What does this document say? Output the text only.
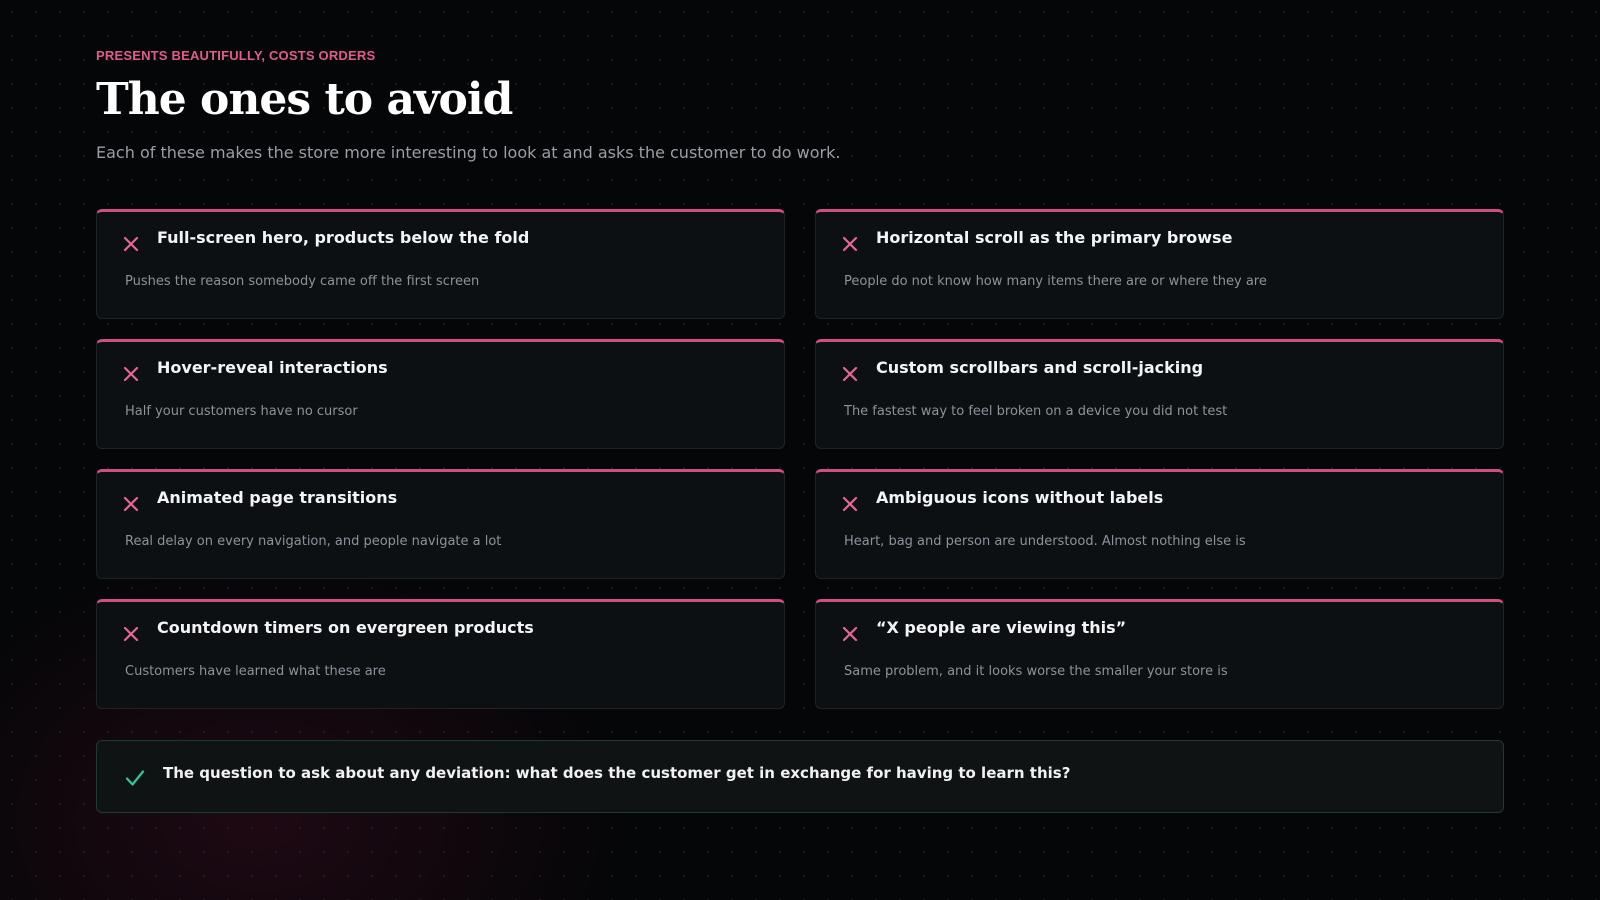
PRESENTS BEAUTIFULLY, COSTS ORDERS
The ones to avoid

Each of these makes the store more interesting to look at and asks the customer to do work.

Full-screen hero, products below the fold
Pushes the reason somebody came off the first screen
Horizontal scroll as the primary browse
People do not know how many items there are or where they are
Hover-reveal interactions
Half your customers have no cursor
Custom scrollbars and scroll-jacking
The fastest way to feel broken on a device you did not test
Animated page transitions
Real delay on every navigation, and people navigate a lot
Ambiguous icons without labels
Heart, bag and person are understood. Almost nothing else is
Countdown timers on evergreen products
Customers have learned what these are
“X people are viewing this”
Same problem, and it looks worse the smaller your store is
The question to ask about any deviation: what does the customer get in exchange for having to learn this?
